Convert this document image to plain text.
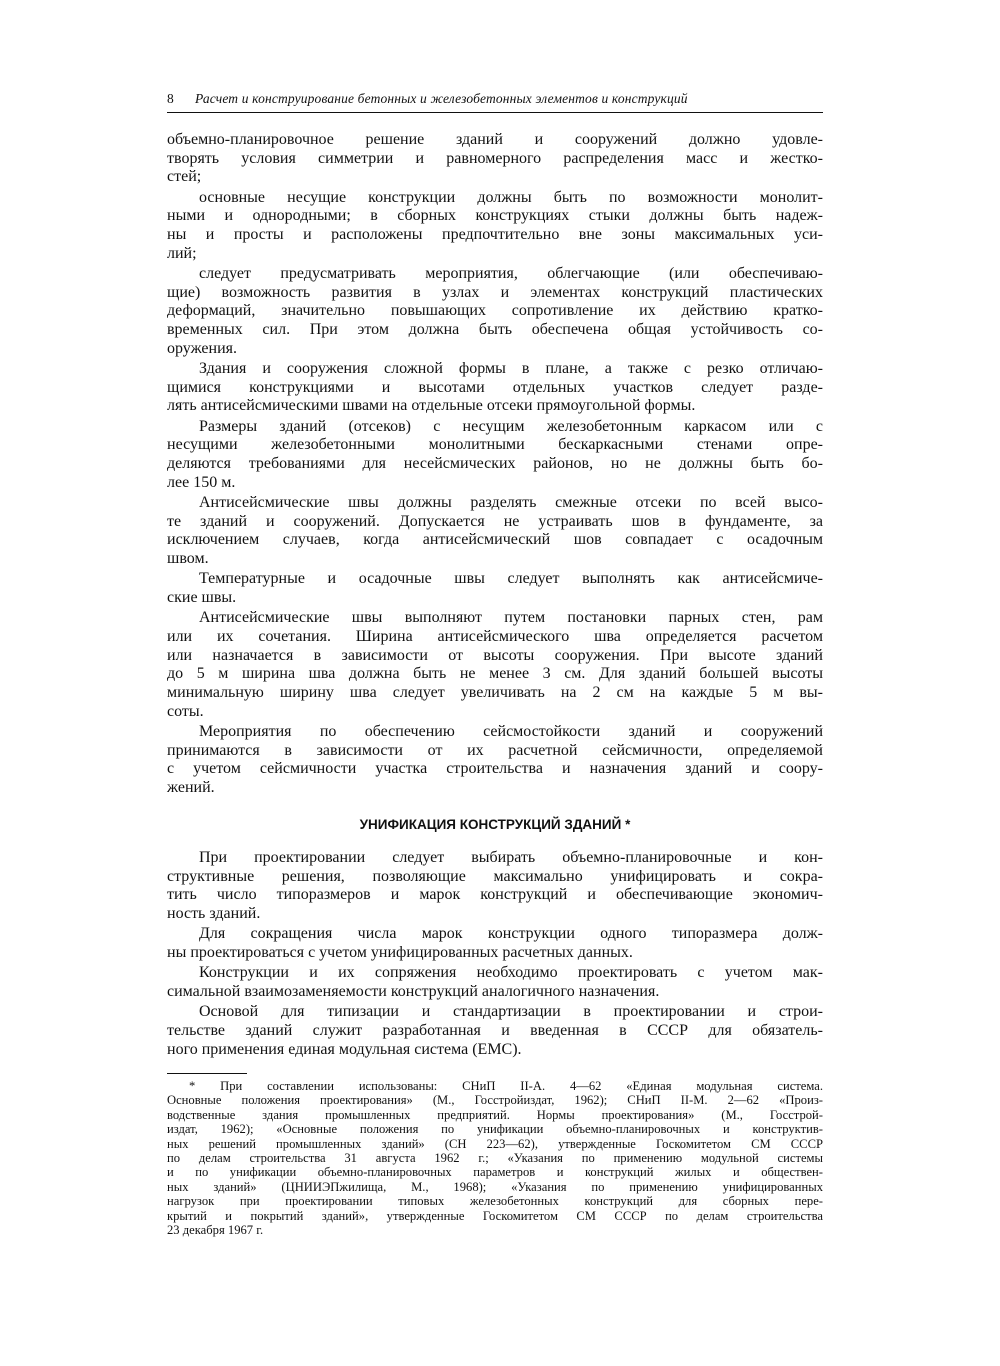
8 Расчет и конструирование бетонных и железобетонных элементов и конструкций
объемно-планировочное решение зданий и сооружений должно удовле-
творять условия симметрии и равномерного распределения масс и жестко-
стей;
основные несущие конструкции должны быть по возможности монолит-
ными и однородными; в сборных конструкциях стыки должны быть надеж-
ны и просты и расположены предпочтительно вне зоны максимальных уси-
лий;
следует предусматривать мероприятия, облегчающие (или обеспечиваю-
щие) возможность развития в узлах и элементах конструкций пластических
деформаций, значительно повышающих сопротивление их действию кратко-
временных сил. При этом должна быть обеспечена общая устойчивость со-
оружения.
Здания и сооружения сложной формы в плане, а также с резко отличаю-
щимися конструкциями и высотами отдельных участков следует разде-
лять антисейсмическими швами на отдельные отсеки прямоугольной формы.
Размеры зданий (отсеков) с несущим железобетонным каркасом или с
несущими железобетонными монолитными бескаркасными стенами опре-
деляются требованиями для несейсмических районов, но не должны быть бо-
лее 150 м.
Антисейсмические швы должны разделять смежные отсеки по всей высо-
те зданий и сооружений. Допускается не устраивать шов в фундаменте, за
исключением случаев, когда антисейсмический шов совпадает с осадочным
швом.
Температурные и осадочные швы следует выполнять как антисейсмиче-
ские швы.
Антисейсмические швы выполняют путем постановки парных стен, рам
или их сочетания. Ширина антисейсмического шва определяется расчетом
или назначается в зависимости от высоты сооружения. При высоте зданий
до 5 м ширина шва должна быть не менее 3 см. Для зданий большей высоты
минимальную ширину шва следует увеличивать на 2 см на каждые 5 м вы-
соты.
Мероприятия по обеспечению сейсмостойкости зданий и сооружений
принимаются в зависимости от их расчетной сейсмичности, определяемой
с учетом сейсмичности участка строительства и назначения зданий и соору-
жений.
УНИФИКАЦИЯ КОНСТРУКЦИЙ ЗДАНИЙ *
При проектировании следует выбирать объемно-планировочные и кон-
структивные решения, позволяющие максимально унифицировать и сокра-
тить число типоразмеров и марок конструкций и обеспечивающие экономич-
ность зданий.
Для сокращения числа марок конструкции одного типоразмера долж-
ны проектироваться с учетом унифицированных расчетных данных.
Конструкции и их сопряжения необходимо проектировать с учетом мак-
симальной взаимозаменяемости конструкций аналогичного назначения.
Основой для типизации и стандартизации в проектировании и строи-
тельстве зданий служит разработанная и введенная в СССР для обязатель-
ного применения единая модульная система (ЕМС).
* При составлении использованы: СНиП II-А. 4—62 «Единая модульная система.
Основные положения проектирования» (М., Госстройиздат, 1962); СНиП II-М. 2—62 «Произ-
водственные здания промышленных предприятий. Нормы проектирования» (М., Госстрой-
издат, 1962); «Основные положения по унификации объемно-планировочных и конструктив-
ных решений промышленных зданий» (СН 223—62), утвержденные Госкомитетом СМ СССР
по делам строительства 31 августа 1962 г.; «Указания по применению модульной системы
и по унификации объемно-планировочных параметров и конструкций жилых и обществен-
ных зданий» (ЦНИИЭПжилища, М., 1968); «Указания по применению унифицированных
нагрузок при проектировании типовых железобетонных конструкций для сборных пере-
крытий и покрытий зданий», утвержденные Госкомитетом СМ СССР по делам строительства
23 декабря 1967 г.
